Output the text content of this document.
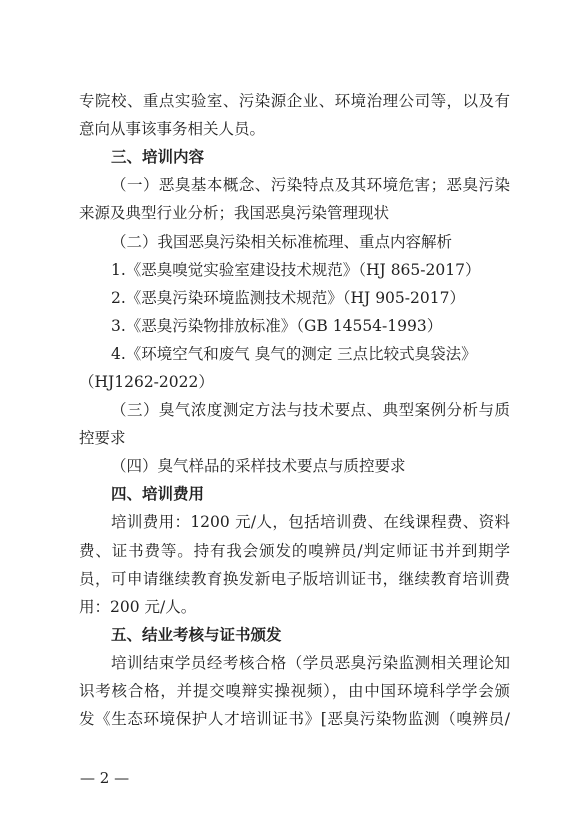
专院校、重点实验室、污染源企业、环境治理公司等，以及有
意向从事该事务相关人员。
三、培训内容
（一）恶臭基本概念、污染特点及其环境危害；恶臭污染
来源及典型行业分析；我国恶臭污染管理现状
（二）我国恶臭污染相关标准梳理、重点内容解析
1.《恶臭嗅觉实验室建设技术规范》（HJ 865-2017）
2.《恶臭污染环境监测技术规范》（HJ 905-2017）
3.《恶臭污染物排放标准》（GB 14554-1993）
4.《环境空气和废气 臭气的测定 三点比较式臭袋法》
（HJ1262-2022）
（三）臭气浓度测定方法与技术要点、典型案例分析与质
控要求
（四）臭气样品的采样技术要点与质控要求
四、培训费用
培训费用：1200 元/人，包括培训费、在线课程费、资料
费、证书费等。持有我会颁发的嗅辨员/判定师证书并到期学
员，可申请继续教育换发新电子版培训证书，继续教育培训费
用：200 元/人。
五、结业考核与证书颁发
培训结束学员经考核合格（学员恶臭污染监测相关理论知
识考核合格，并提交嗅辩实操视频），由中国环境科学学会颁
发《生态环境保护人才培训证书》[恶臭污染物监测（嗅辨员/
— 2 —
